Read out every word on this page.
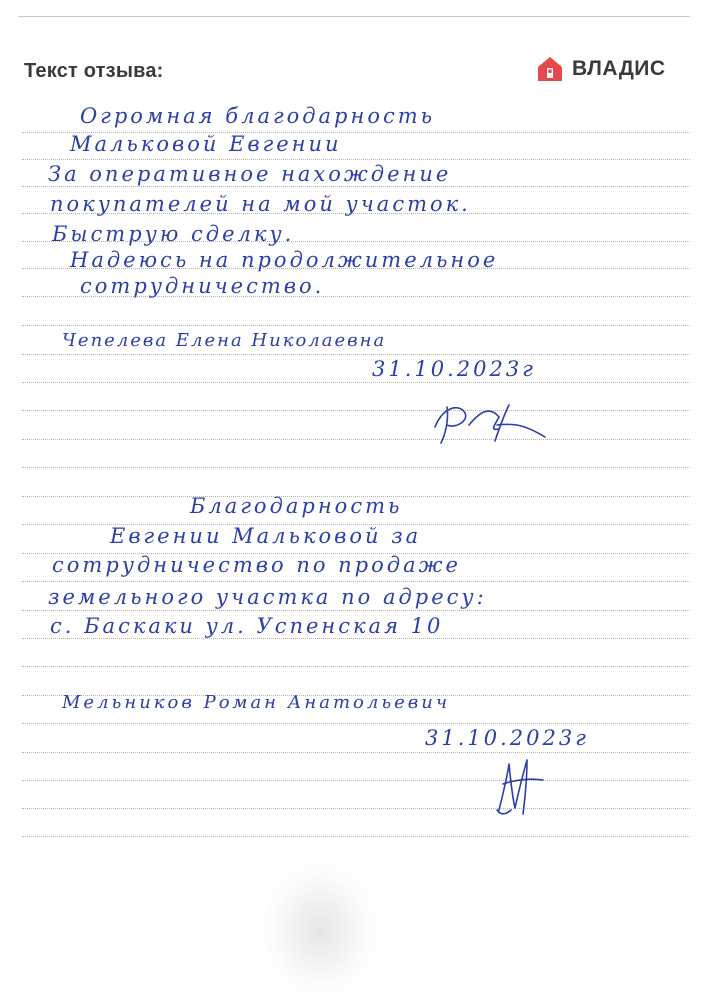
Текст отзыва:	ВЛАДИС
Огромная благодарность
Мальковой Евгении
За оперативное нахождение
покупателей на мой участок.
Быструю сделку.
Надеюсь на продолжительное
сотрудничество.
Чепелева Елена Николаевна
31.10.2023г
Благодарность
Евгении Мальковой за
сотрудничество по продаже
земельного участка по адресу:
с. Баскаки ул. Успенская 10
Мельников Роман Анатольевич
31.10.2023г
